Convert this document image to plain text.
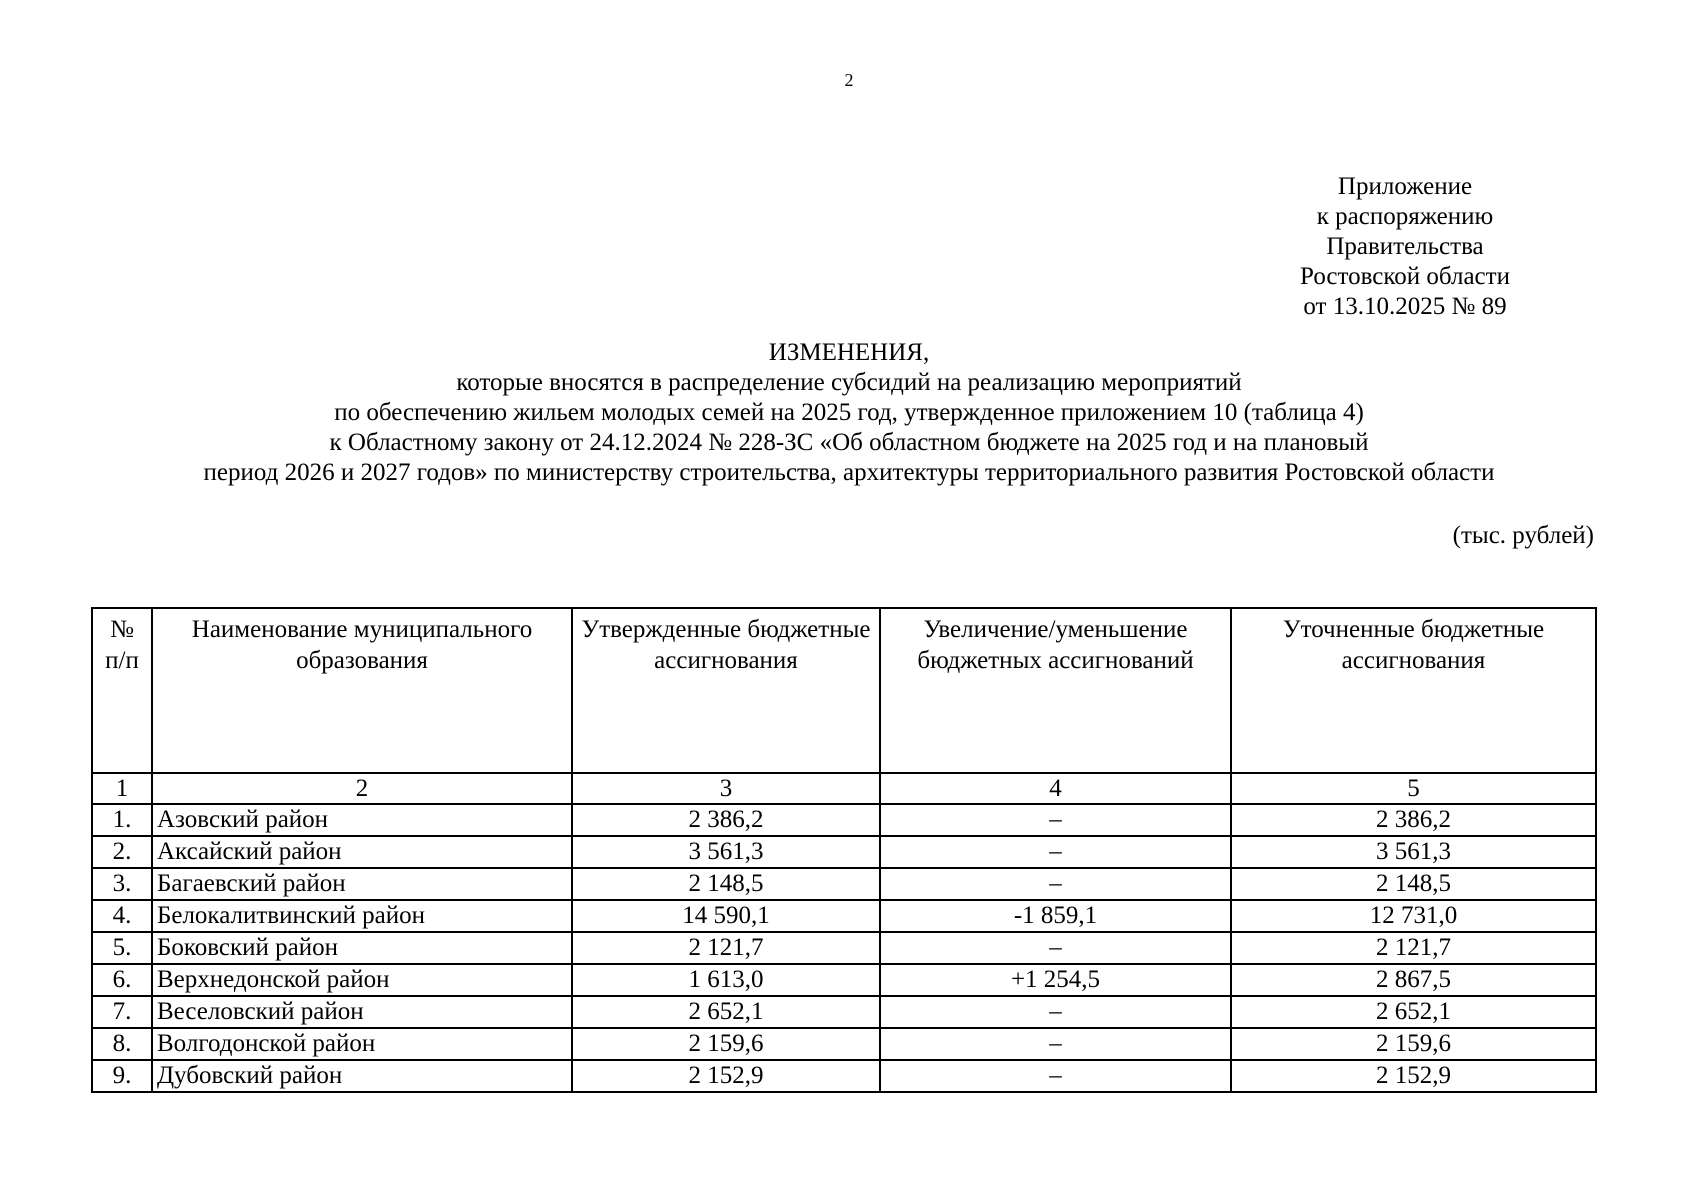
2
Приложение
к распоряжению
Правительства
Ростовской области
от 13.10.2025 № 89
ИЗМЕНЕНИЯ,
которые вносятся в распределение субсидий на реализацию мероприятий
по обеспечению жильем молодых семей на 2025 год, утвержденное приложением 10 (таблица 4)
к Областному закону от 24.12.2024 № 228-ЗС «Об областном бюджете на 2025 год и на плановый
период 2026 и 2027 годов» по министерству строительства, архитектуры территориального развития Ростовской области
(тыс. рублей)
№ п/п	Наименование муниципального образования	Утвержденные бюджетные ассигнования	Увеличение/уменьшение бюджетных ассигнований	Уточненные бюджетные ассигнования
1	2	3	4	5
1.	Азовский район	2 386,2	–	2 386,2
2.	Аксайский район	3 561,3	–	3 561,3
3.	Багаевский район	2 148,5	–	2 148,5
4.	Белокалитвинский район	14 590,1	-1 859,1	12 731,0
5.	Боковский район	2 121,7	–	2 121,7
6.	Верхнедонской район	1 613,0	+1 254,5	2 867,5
7.	Веселовский район	2 652,1	–	2 652,1
8.	Волгодонской район	2 159,6	–	2 159,6
9.	Дубовский район	2 152,9	–	2 152,9
